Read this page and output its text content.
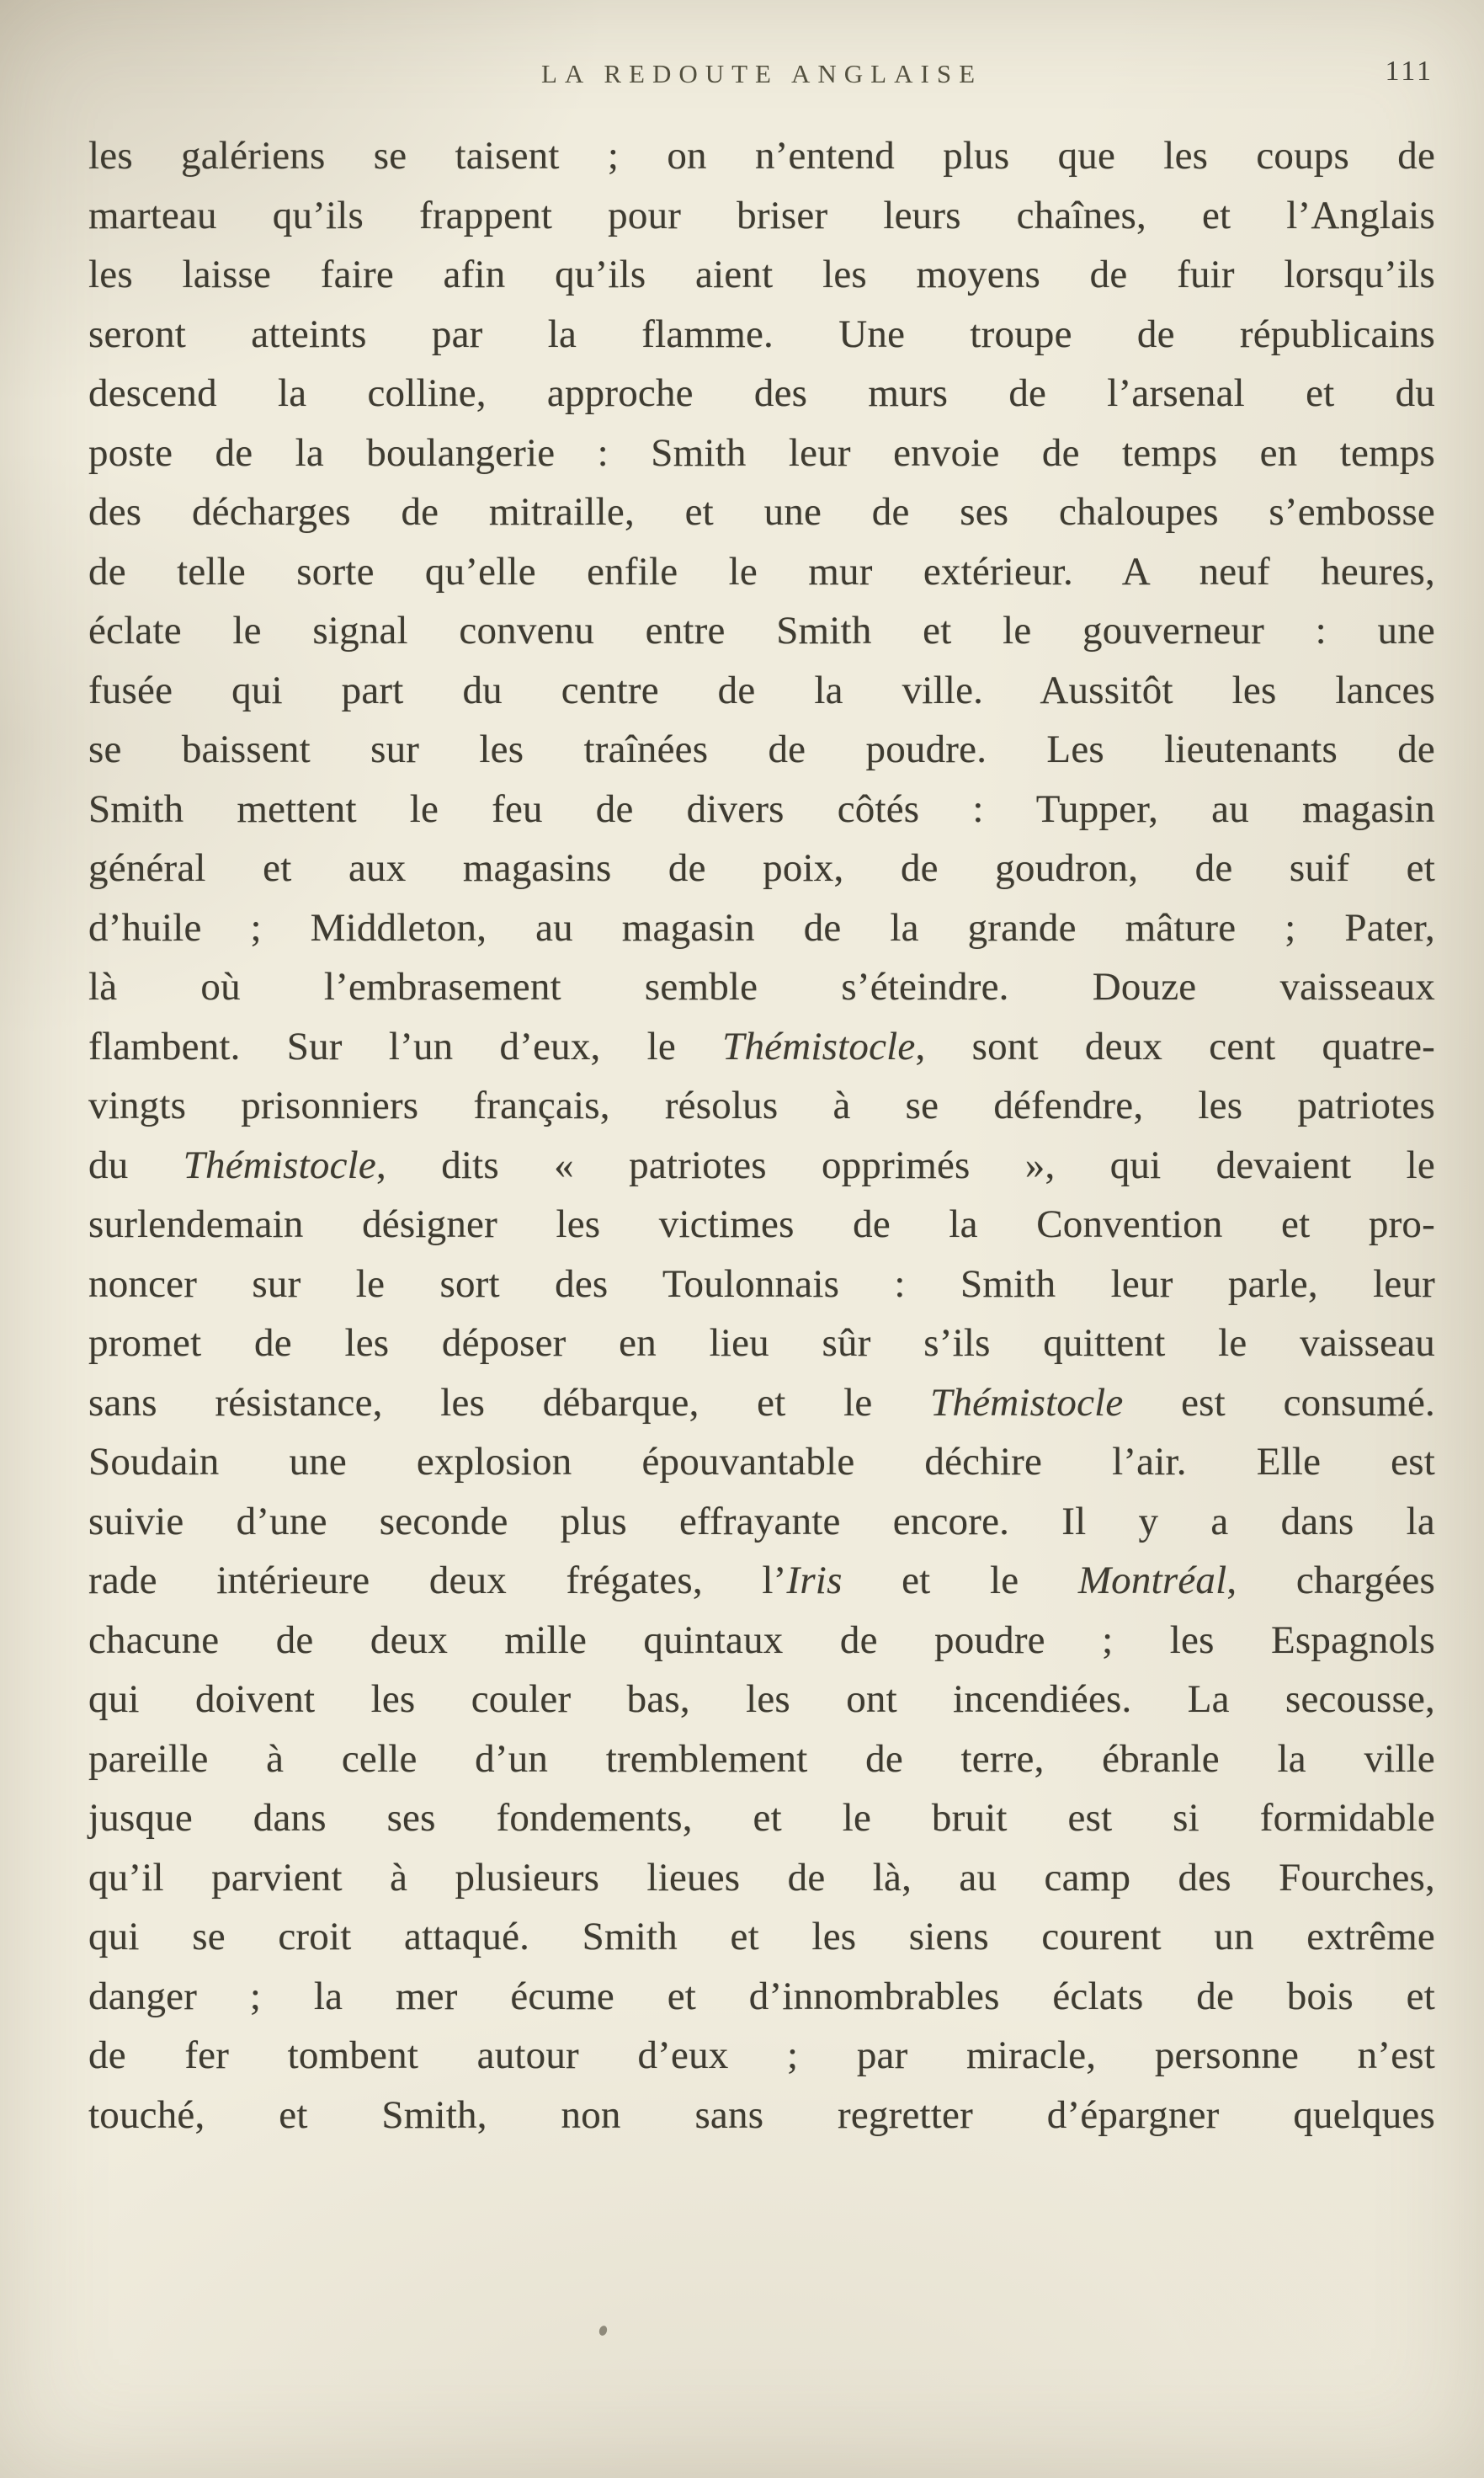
LA REDOUTE ANGLAISE	111
les galériens se taisent ; on n’entend plus que les coups de
marteau qu’ils frappent pour briser leurs chaînes, et l’Anglais
les laisse faire afin qu’ils aient les moyens de fuir lorsqu’ils
seront atteints par la flamme. Une troupe de républicains
descend la colline, approche des murs de l’arsenal et du
poste de la boulangerie : Smith leur envoie de temps en temps
des décharges de mitraille, et une de ses chaloupes s’embosse
de telle sorte qu’elle enfile le mur extérieur. A neuf heures,
éclate le signal convenu entre Smith et le gouverneur : une
fusée qui part du centre de la ville. Aussitôt les lances
se baissent sur les traînées de poudre. Les lieutenants de
Smith mettent le feu de divers côtés : Tupper, au magasin
général et aux magasins de poix, de goudron, de suif et
d’huile ; Middleton, au magasin de la grande mâture ; Pater,
là où l’embrasement semble s’éteindre. Douze vaisseaux
flambent. Sur l’un d’eux, le Thémistocle, sont deux cent quatre-
vingts prisonniers français, résolus à se défendre, les patriotes
du Thémistocle, dits « patriotes opprimés », qui devaient le
surlendemain désigner les victimes de la Convention et pro-
noncer sur le sort des Toulonnais : Smith leur parle, leur
promet de les déposer en lieu sûr s’ils quittent le vaisseau
sans résistance, les débarque, et le Thémistocle est consumé.
Soudain une explosion épouvantable déchire l’air. Elle est
suivie d’une seconde plus effrayante encore. Il y a dans la
rade intérieure deux frégates, l’Iris et le Montréal, chargées
chacune de deux mille quintaux de poudre ; les Espagnols
qui doivent les couler bas, les ont incendiées. La secousse,
pareille à celle d’un tremblement de terre, ébranle la ville
jusque dans ses fondements, et le bruit est si formidable
qu’il parvient à plusieurs lieues de là, au camp des Fourches,
qui se croit attaqué. Smith et les siens courent un extrême
danger ; la mer écume et d’innombrables éclats de bois et
de fer tombent autour d’eux ; par miracle, personne n’est
touché, et Smith, non sans regretter d’épargner quelques
